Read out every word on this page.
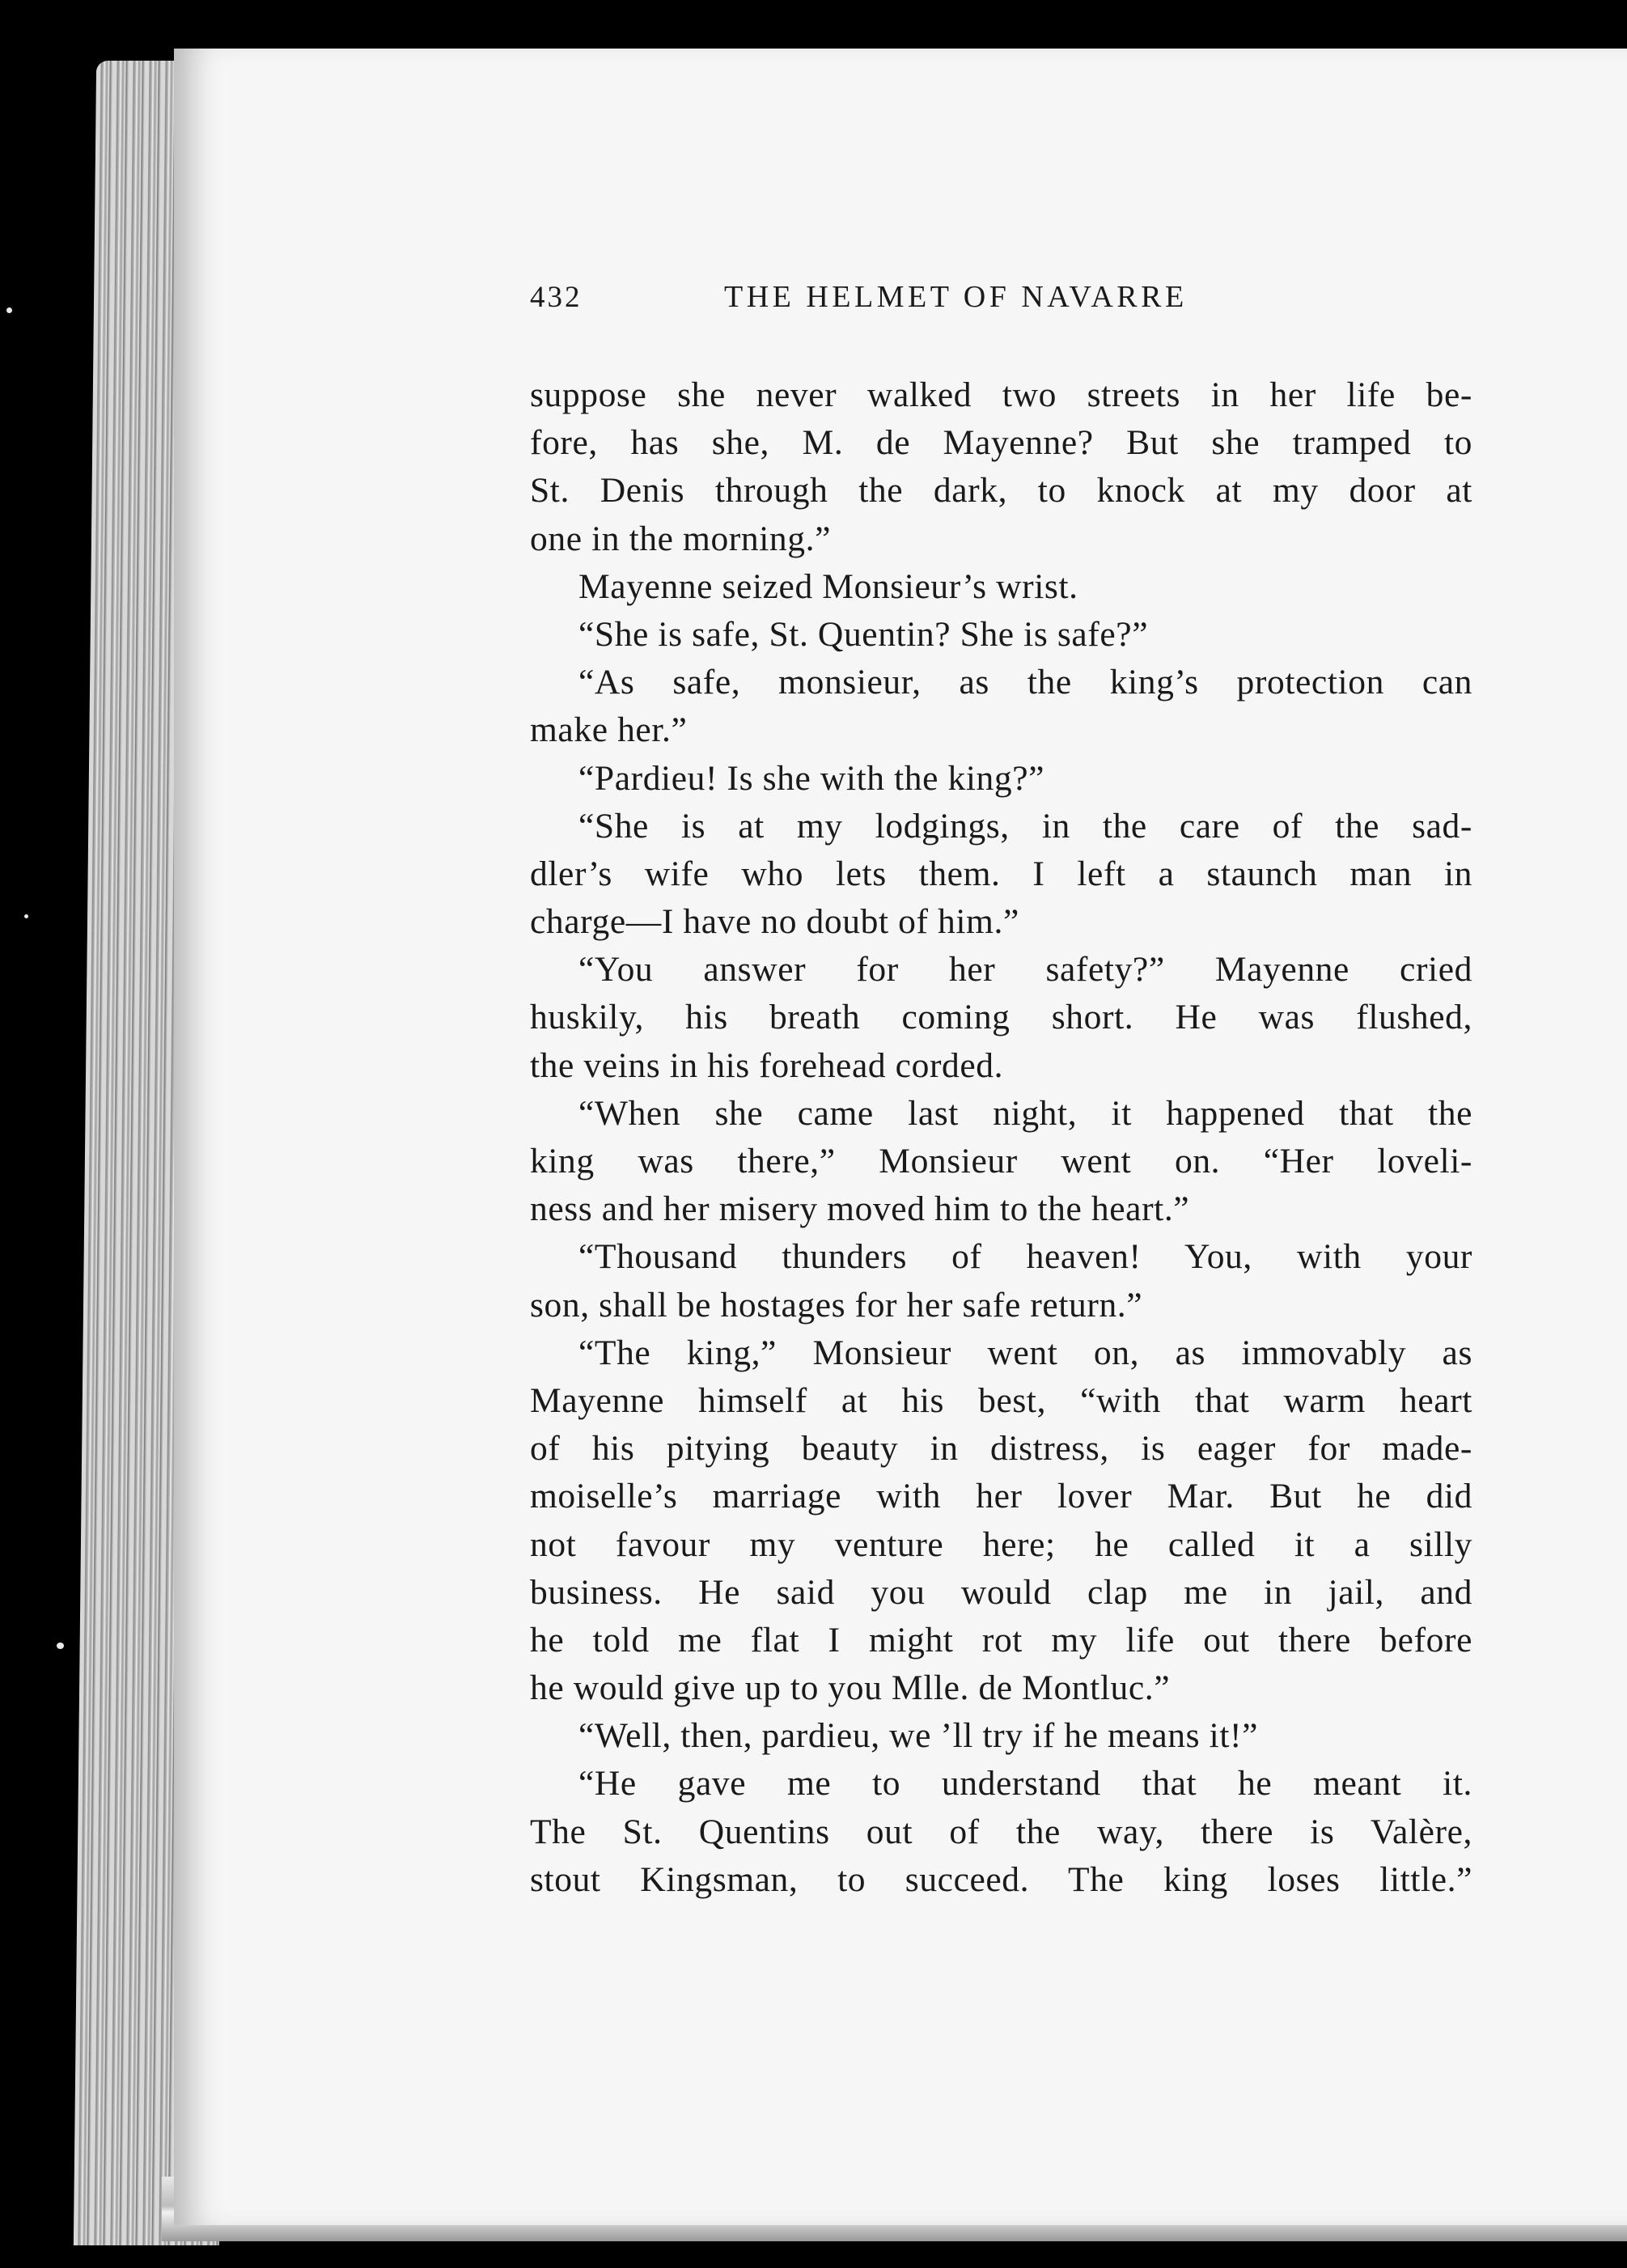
432	THE HELMET OF NAVARRE
suppose she never walked two streets in her life be-
fore, has she, M. de Mayenne? But she tramped to
St. Denis through the dark, to knock at my door at
one in the morning.”
Mayenne seized Monsieur’s wrist.
“She is safe, St. Quentin? She is safe?”
“As safe, monsieur, as the king’s protection can
make her.”
“Pardieu! Is she with the king?”
“She is at my lodgings, in the care of the sad-
dler’s wife who lets them. I left a staunch man in
charge—I have no doubt of him.”
“You answer for her safety?” Mayenne cried
huskily, his breath coming short. He was flushed,
the veins in his forehead corded.
“When she came last night, it happened that the
king was there,” Monsieur went on. “Her loveli-
ness and her misery moved him to the heart.”
“Thousand thunders of heaven! You, with your
son, shall be hostages for her safe return.”
“The king,” Monsieur went on, as immovably as
Mayenne himself at his best, “with that warm heart
of his pitying beauty in distress, is eager for made-
moiselle’s marriage with her lover Mar. But he did
not favour my venture here; he called it a silly
business. He said you would clap me in jail, and
he told me flat I might rot my life out there before
he would give up to you Mlle. de Montluc.”
“Well, then, pardieu, we ’ll try if he means it!”
“He gave me to understand that he meant it.
The St. Quentins out of the way, there is Valère,
stout Kingsman, to succeed. The king loses little.”
